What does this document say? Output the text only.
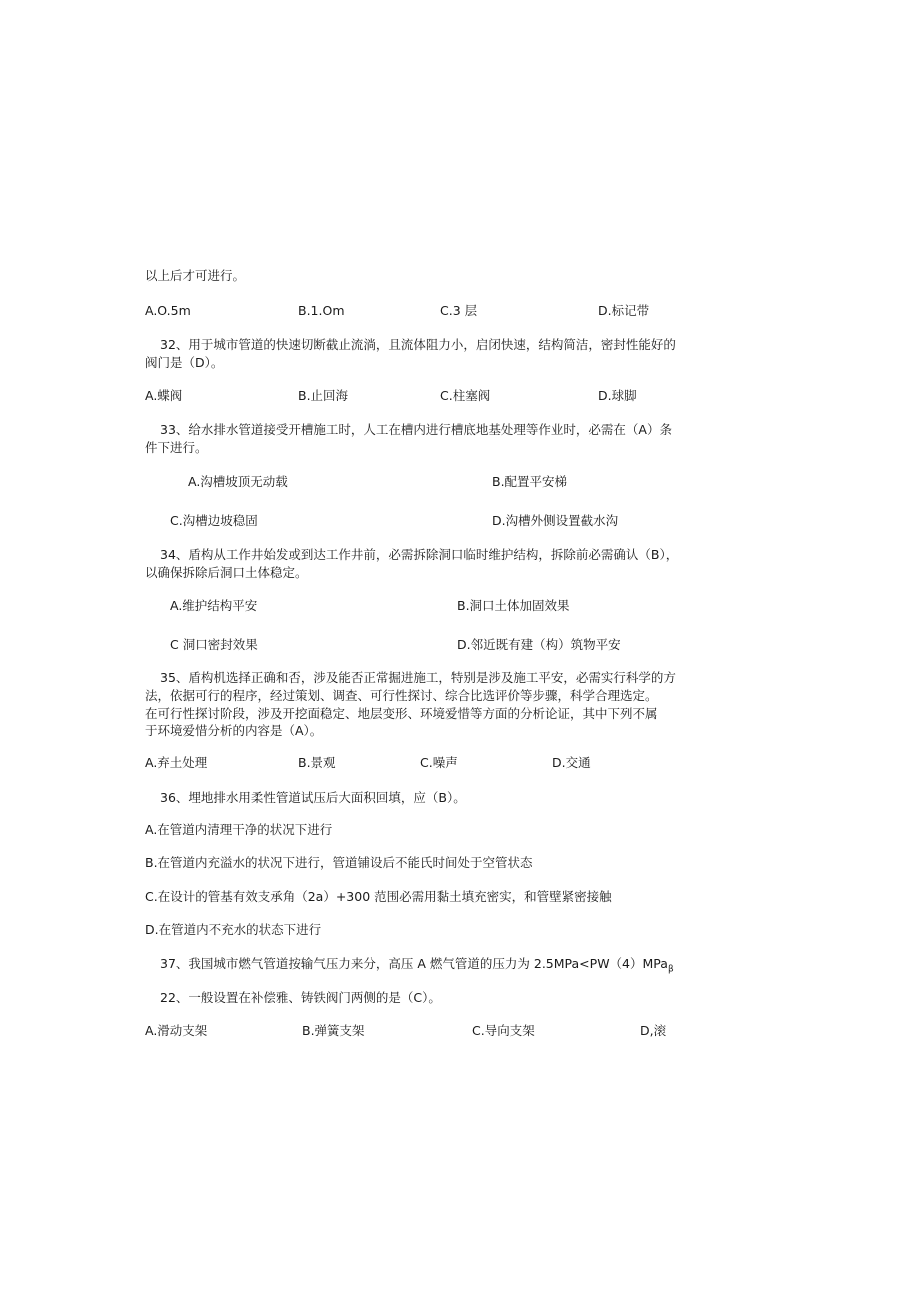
以上后才可进行。
A.O.5m	B.1.Om	C.3 层	D.标记带
32、用于城市管道的快速切断截止流淌，且流体阻力小，启闭快速，结构简洁，密封性能好的
阀门是（D）。
A.蝶阀	B.止回海	C.柱塞阀	D.球脚
33、给水排水管道接受开槽施工时，人工在槽内进行槽底地基处理等作业时，必需在（A）条
件下进行。
A.沟槽坡顶无动载	B.配置平安梯
C.沟槽边坡稳固	D.沟槽外侧设置截水沟
34、盾构从工作井始发或到达工作井前，必需拆除洞口临时维护结构，拆除前必需确认（B），
以确保拆除后洞口土体稳定。
A.维护结构平安	B.洞口土体加固效果
C 洞口密封效果	D.邻近既有建（构）筑物平安
35、盾构机选择正确和否，涉及能否正常掘进施工，特别是涉及施工平安，必需实行科学的方
法，依据可行的程序，经过策划、调查、可行性探讨、综合比选评价等步骤，科学合理选定。
在可行性探讨阶段，涉及开挖面稳定、地层变形、环境爱惜等方面的分析论证，其中下列不属
于环境爱惜分析的内容是（A）。
A.弃土处理	B.景观	C.噪声	D.交通
36、埋地排水用柔性管道试压后大面积回填，应（B）。
A.在管道内清理干净的状况下进行
B.在管道内充溢水的状况下进行，管道铺设后不能氏时间处于空管状态
C.在设计的管基有效支承角（2a）+300 范围必需用黏土填充密实，和管壁紧密接触
D.在管道内不充水的状态下进行
37、我国城市燃气管道按输气压力来分，高压 A 燃气管道的压力为 2.5MPa<PW（4）MPa$_\beta$
22、一般设置在补偿雅、铸铁阀门两侧的是（C）。
A.滑动支架	B.弹簧支架	C.导向支架	D,滚
